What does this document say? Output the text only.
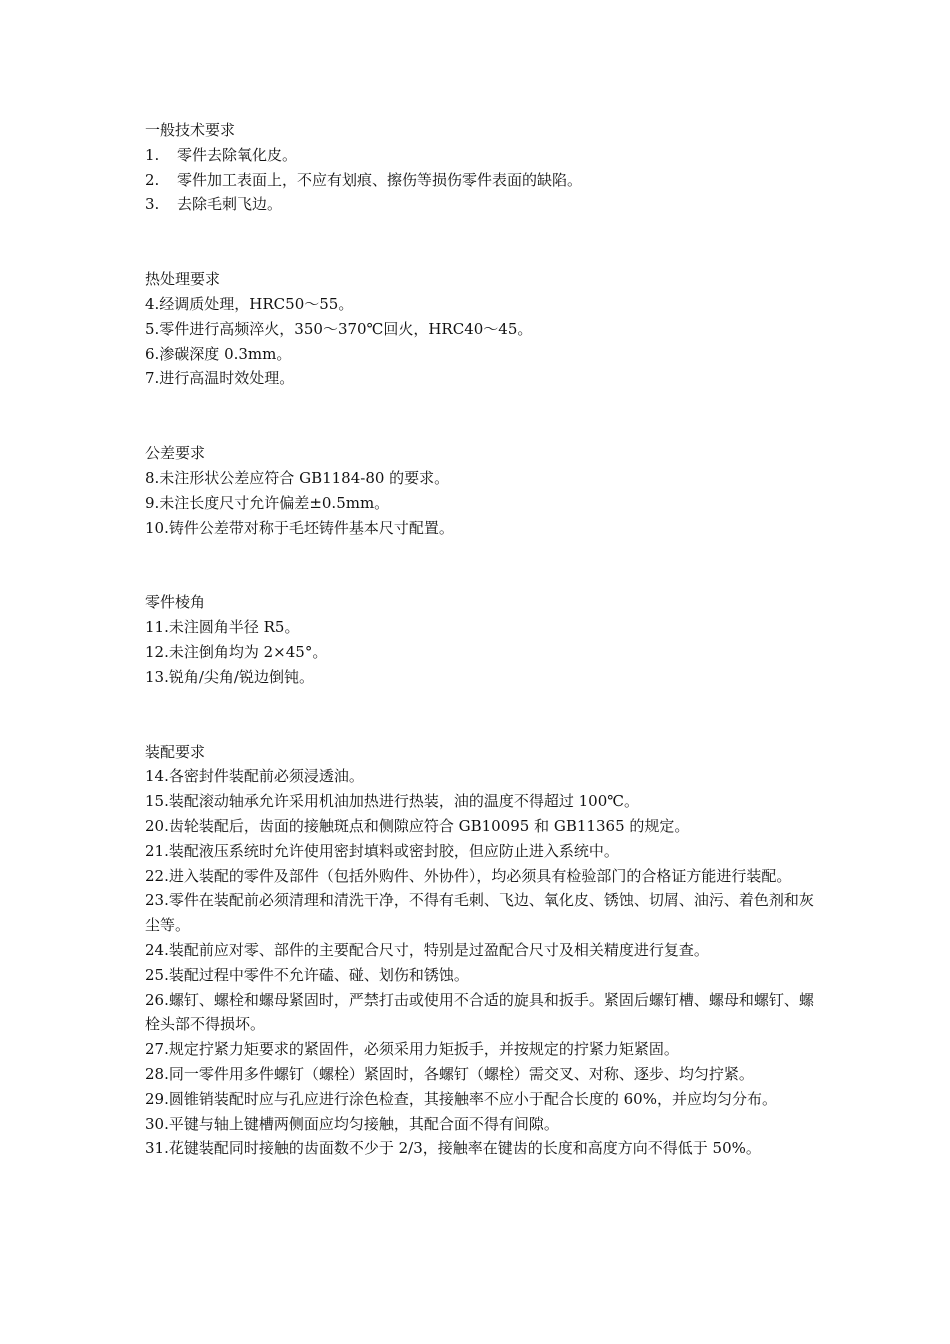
一般技术要求

1. 零件去除氧化皮。
2. 零件加工表面上，不应有划痕、擦伤等损伤零件表面的缺陷。
3. 去除毛刺飞边。

热处理要求

4.经调质处理，HRC50～55。
5.零件进行高频淬火，350～370℃回火，HRC40～45。
6.渗碳深度 0.3mm。
7.进行高温时效处理。

公差要求

8.未注形状公差应符合 GB1184-80 的要求。
9.未注长度尺寸允许偏差±0.5mm。
10.铸件公差带对称于毛坯铸件基本尺寸配置。

零件棱角

11.未注圆角半径 R5。
12.未注倒角均为 2×45°。
13.锐角/尖角/锐边倒钝。

装配要求

14.各密封件装配前必须浸透油。
15.装配滚动轴承允许采用机油加热进行热装，油的温度不得超过 100℃。
20.齿轮装配后，齿面的接触斑点和侧隙应符合 GB10095 和 GB11365 的规定。
21.装配液压系统时允许使用密封填料或密封胶，但应防止进入系统中。
22.进入装配的零件及部件（包括外购件、外协件），均必须具有检验部门的合格证方能进行装配。
23.零件在装配前必须清理和清洗干净，不得有毛刺、飞边、氧化皮、锈蚀、切屑、油污、着色剂和灰尘等。
24.装配前应对零、部件的主要配合尺寸，特别是过盈配合尺寸及相关精度进行复查。
25.装配过程中零件不允许磕、碰、划伤和锈蚀。
26.螺钉、螺栓和螺母紧固时，严禁打击或使用不合适的旋具和扳手。紧固后螺钉槽、螺母和螺钉、螺栓头部不得损坏。
27.规定拧紧力矩要求的紧固件，必须采用力矩扳手，并按规定的拧紧力矩紧固。
28.同一零件用多件螺钉（螺栓）紧固时，各螺钉（螺栓）需交叉、对称、逐步、均匀拧紧。
29.圆锥销装配时应与孔应进行涂色检查，其接触率不应小于配合长度的 60%，并应均匀分布。
30.平键与轴上键槽两侧面应均匀接触，其配合面不得有间隙。
31.花键装配同时接触的齿面数不少于 2/3，接触率在键齿的长度和高度方向不得低于 50%。
